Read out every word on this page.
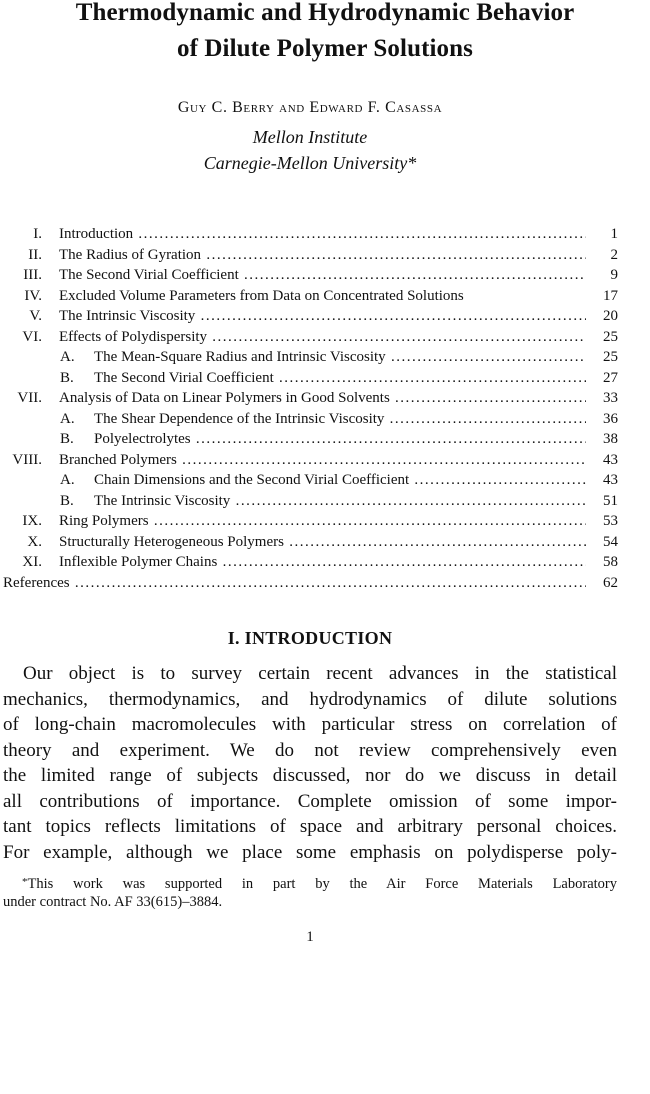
Thermodynamic and Hydrodynamic Behavior
of Dilute Polymer Solutions
Guy C. Berry and Edward F. Casassa
Mellon Institute
Carnegie-Mellon University*
I. Introduction .....	1
II. The Radius of Gyration .....	2
III. The Second Virial Coefficient .....	9
IV. Excluded Volume Parameters from Data on Concentrated Solutions	17
V. The Intrinsic Viscosity .....	20
VI. Effects of Polydispersity .....	25
A.	The Mean-Square Radius and Intrinsic Viscosity .....	25
B.	The Second Virial Coefficient .....	27
VII. Analysis of Data on Linear Polymers in Good Solvents .....	33
A.	The Shear Dependence of the Intrinsic Viscosity .....	36
B.	Polyelectrolytes .....	38
VIII. Branched Polymers .....	43
A.	Chain Dimensions and the Second Virial Coefficient .....	43
B.	The Intrinsic Viscosity .....	51
IX. Ring Polymers .....	53
X. Structurally Heterogeneous Polymers .....	54
XI. Inflexible Polymer Chains .....	58
References .....	62
I. INTRODUCTION
Our object is to survey certain recent advances in the statistical
mechanics, thermodynamics, and hydrodynamics of dilute solutions
of long-chain macromolecules with particular stress on correlation of
theory and experiment. We do not review comprehensively even
the limited range of subjects discussed, nor do we discuss in detail
all contributions of importance. Complete omission of some impor-
tant topics reflects limitations of space and arbitrary personal choices.
For example, although we place some emphasis on polydisperse poly-
*This work was supported in part by the Air Force Materials Laboratory
under contract No. AF 33(615)–3884.
1
